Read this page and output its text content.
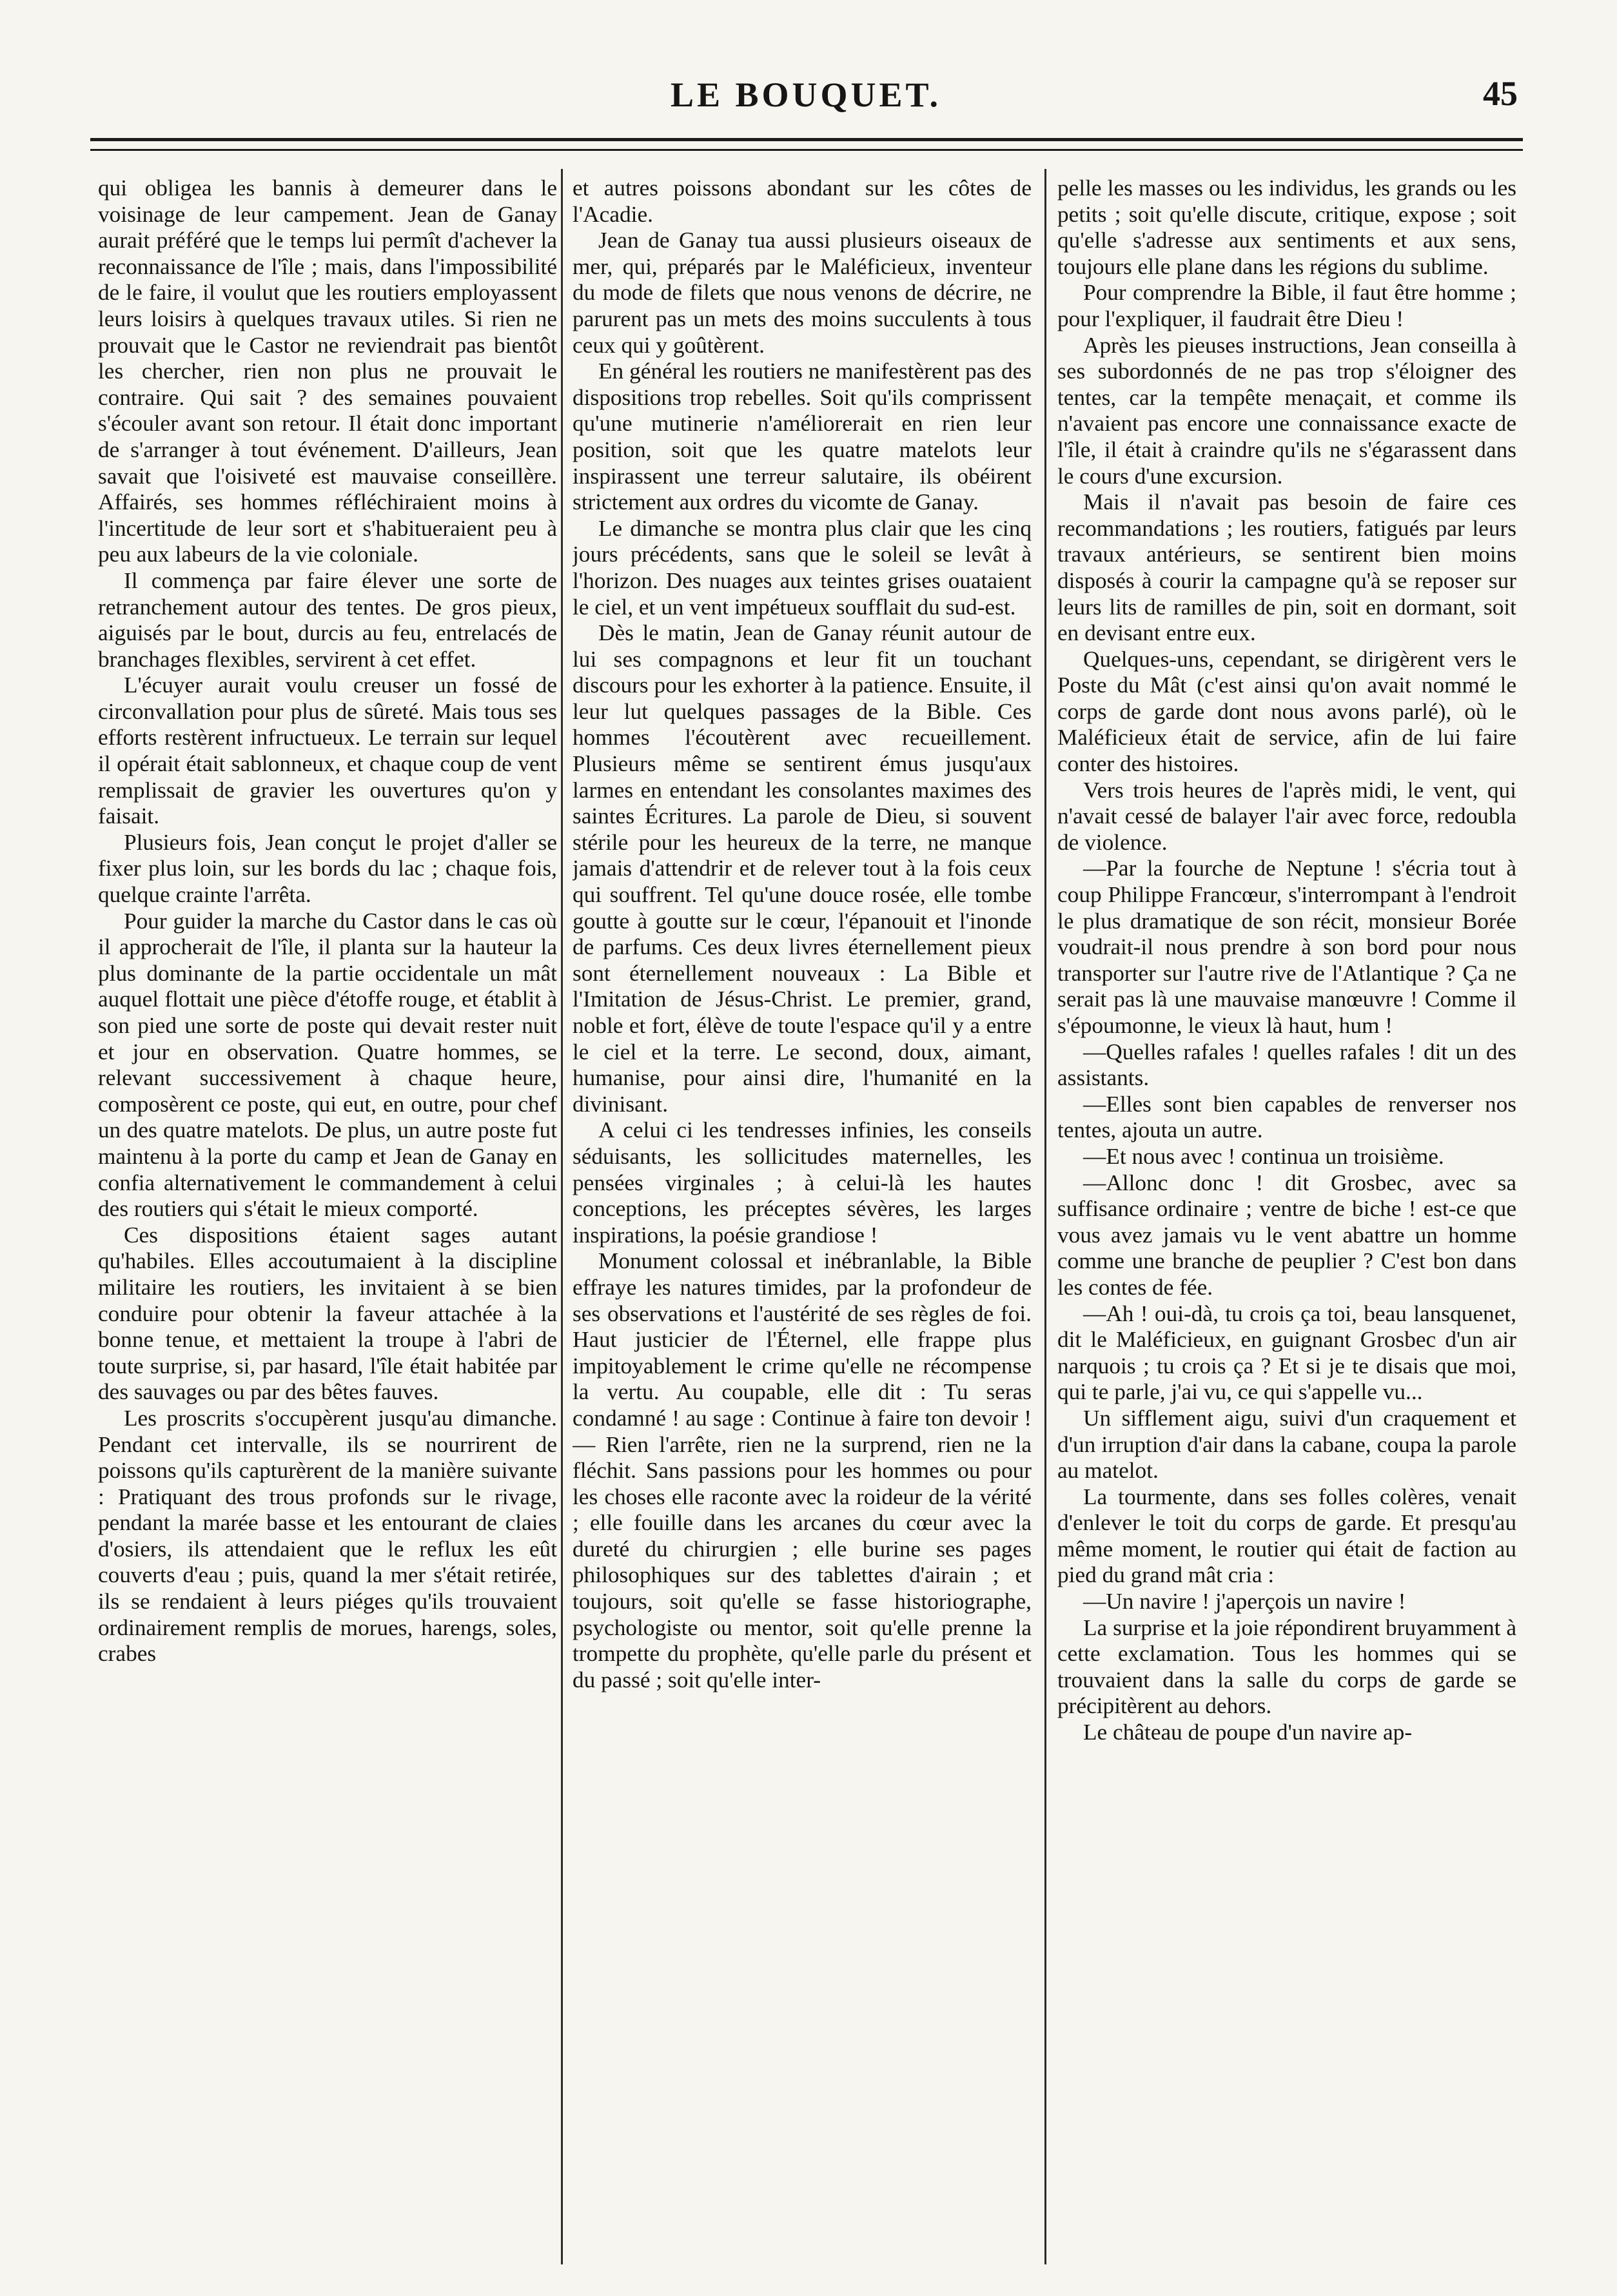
LE BOUQUET.	45

qui obligea les bannis à demeurer dans le voisinage de leur campement. Jean de Ganay aurait préféré que le temps lui permît d'achever la reconnaissance de l'île ; mais, dans l'impossibilité de le faire, il voulut que les routiers employassent leurs loisirs à quelques travaux utiles. Si rien ne prouvait que le Castor ne reviendrait pas bientôt les chercher, rien non plus ne prouvait le contraire. Qui sait ? des semaines pouvaient s'écouler avant son retour. Il était donc important de s'arranger à tout événement. D'ailleurs, Jean savait que l'oisiveté est mauvaise conseillère. Affairés, ses hommes réfléchiraient moins à l'incertitude de leur sort et s'habitueraient peu à peu aux labeurs de la vie coloniale.

Il commença par faire élever une sorte de retranchement autour des tentes. De gros pieux, aiguisés par le bout, durcis au feu, entrelacés de branchages flexibles, servirent à cet effet.

L'écuyer aurait voulu creuser un fossé de circonvallation pour plus de sûreté. Mais tous ses efforts restèrent infructueux. Le terrain sur lequel il opérait était sablonneux, et chaque coup de vent remplissait de gravier les ouvertures qu'on y faisait.

Plusieurs fois, Jean conçut le projet d'aller se fixer plus loin, sur les bords du lac ; chaque fois, quelque crainte l'arrêta.

Pour guider la marche du Castor dans le cas où il approcherait de l'île, il planta sur la hauteur la plus dominante de la partie occidentale un mât auquel flottait une pièce d'étoffe rouge, et établit à son pied une sorte de poste qui devait rester nuit et jour en observation. Quatre hommes, se relevant successivement à chaque heure, composèrent ce poste, qui eut, en outre, pour chef un des quatre matelots. De plus, un autre poste fut maintenu à la porte du camp et Jean de Ganay en confia alternativement le commandement à celui des routiers qui s'était le mieux comporté.

Ces dispositions étaient sages autant qu'habiles. Elles accoutumaient à la discipline militaire les routiers, les invitaient à se bien conduire pour obtenir la faveur attachée à la bonne tenue, et mettaient la troupe à l'abri de toute surprise, si, par hasard, l'île était habitée par des sauvages ou par des bêtes fauves.

Les proscrits s'occupèrent jusqu'au dimanche. Pendant cet intervalle, ils se nourrirent de poissons qu'ils capturèrent de la manière suivante : Pratiquant des trous profonds sur le rivage, pendant la marée basse et les entourant de claies d'osiers, ils attendaient que le reflux les eût couverts d'eau ; puis, quand la mer s'était retirée, ils se rendaient à leurs piéges qu'ils trouvaient ordinairement remplis de morues, harengs, soles, crabes

et autres poissons abondant sur les côtes de l'Acadie.

Jean de Ganay tua aussi plusieurs oiseaux de mer, qui, préparés par le Maléficieux, inventeur du mode de filets que nous venons de décrire, ne parurent pas un mets des moins succulents à tous ceux qui y goûtèrent.

En général les routiers ne manifestèrent pas des dispositions trop rebelles. Soit qu'ils comprissent qu'une mutinerie n'améliorerait en rien leur position, soit que les quatre matelots leur inspirassent une terreur salutaire, ils obéirent strictement aux ordres du vicomte de Ganay.

Le dimanche se montra plus clair que les cinq jours précédents, sans que le soleil se levât à l'horizon. Des nuages aux teintes grises ouataient le ciel, et un vent impétueux soufflait du sud-est.

Dès le matin, Jean de Ganay réunit autour de lui ses compagnons et leur fit un touchant discours pour les exhorter à la patience. Ensuite, il leur lut quelques passages de la Bible. Ces hommes l'écoutèrent avec recueillement. Plusieurs même se sentirent émus jusqu'aux larmes en entendant les consolantes maximes des saintes Écritures. La parole de Dieu, si souvent stérile pour les heureux de la terre, ne manque jamais d'attendrir et de relever tout à la fois ceux qui souffrent. Tel qu'une douce rosée, elle tombe goutte à goutte sur le cœur, l'épanouit et l'inonde de parfums. Ces deux livres éternellement pieux sont éternellement nouveaux : La Bible et l'Imitation de Jésus-Christ. Le premier, grand, noble et fort, élève de toute l'espace qu'il y a entre le ciel et la terre. Le second, doux, aimant, humanise, pour ainsi dire, l'humanité en la divinisant.

A celui ci les tendresses infinies, les conseils séduisants, les sollicitudes maternelles, les pensées virginales ; à celui-là les hautes conceptions, les préceptes sévères, les larges inspirations, la poésie grandiose !

Monument colossal et inébranlable, la Bible effraye les natures timides, par la profondeur de ses observations et l'austérité de ses règles de foi. Haut justicier de l'Éternel, elle frappe plus impitoyablement le crime qu'elle ne récompense la vertu. Au coupable, elle dit : Tu seras condamné ! au sage : Continue à faire ton devoir ! — Rien l'arrête, rien ne la surprend, rien ne la fléchit. Sans passions pour les hommes ou pour les choses elle raconte avec la roideur de la vérité ; elle fouille dans les arcanes du cœur avec la dureté du chirurgien ; elle burine ses pages philosophiques sur des tablettes d'airain ; et toujours, soit qu'elle se fasse historiographe, psychologiste ou mentor, soit qu'elle prenne la trompette du prophète, qu'elle parle du présent et du passé ; soit qu'elle inter-

pelle les masses ou les individus, les grands ou les petits ; soit qu'elle discute, critique, expose ; soit qu'elle s'adresse aux sentiments et aux sens, toujours elle plane dans les régions du sublime.

Pour comprendre la Bible, il faut être homme ; pour l'expliquer, il faudrait être Dieu !

Après les pieuses instructions, Jean conseilla à ses subordonnés de ne pas trop s'éloigner des tentes, car la tempête menaçait, et comme ils n'avaient pas encore une connaissance exacte de l'île, il était à craindre qu'ils ne s'égarassent dans le cours d'une excursion.

Mais il n'avait pas besoin de faire ces recommandations ; les routiers, fatigués par leurs travaux antérieurs, se sentirent bien moins disposés à courir la campagne qu'à se reposer sur leurs lits de ramilles de pin, soit en dormant, soit en devisant entre eux.

Quelques-uns, cependant, se dirigèrent vers le Poste du Mât (c'est ainsi qu'on avait nommé le corps de garde dont nous avons parlé), où le Maléficieux était de service, afin de lui faire conter des histoires.

Vers trois heures de l'après midi, le vent, qui n'avait cessé de balayer l'air avec force, redoubla de violence.

—Par la fourche de Neptune ! s'écria tout à coup Philippe Francœur, s'interrompant à l'endroit le plus dramatique de son récit, monsieur Borée voudrait-il nous prendre à son bord pour nous transporter sur l'autre rive de l'Atlantique ? Ça ne serait pas là une mauvaise manœuvre ! Comme il s'époumonne, le vieux là haut, hum !

—Quelles rafales ! quelles rafales ! dit un des assistants.

—Elles sont bien capables de renverser nos tentes, ajouta un autre.

—Et nous avec ! continua un troisième.

—Allonc donc ! dit Grosbec, avec sa suffisance ordinaire ; ventre de biche ! est-ce que vous avez jamais vu le vent abattre un homme comme une branche de peuplier ? C'est bon dans les contes de fée.

—Ah ! oui-dà, tu crois ça toi, beau lansquenet, dit le Maléficieux, en guignant Grosbec d'un air narquois ; tu crois ça ? Et si je te disais que moi, qui te parle, j'ai vu, ce qui s'appelle vu...

Un sifflement aigu, suivi d'un craquement et d'un irruption d'air dans la cabane, coupa la parole au matelot.

La tourmente, dans ses folles colères, venait d'enlever le toit du corps de garde. Et presqu'au même moment, le routier qui était de faction au pied du grand mât cria :

—Un navire ! j'aperçois un navire !

La surprise et la joie répondirent bruyamment à cette exclamation. Tous les hommes qui se trouvaient dans la salle du corps de garde se précipitèrent au dehors.

Le château de poupe d'un navire ap-
